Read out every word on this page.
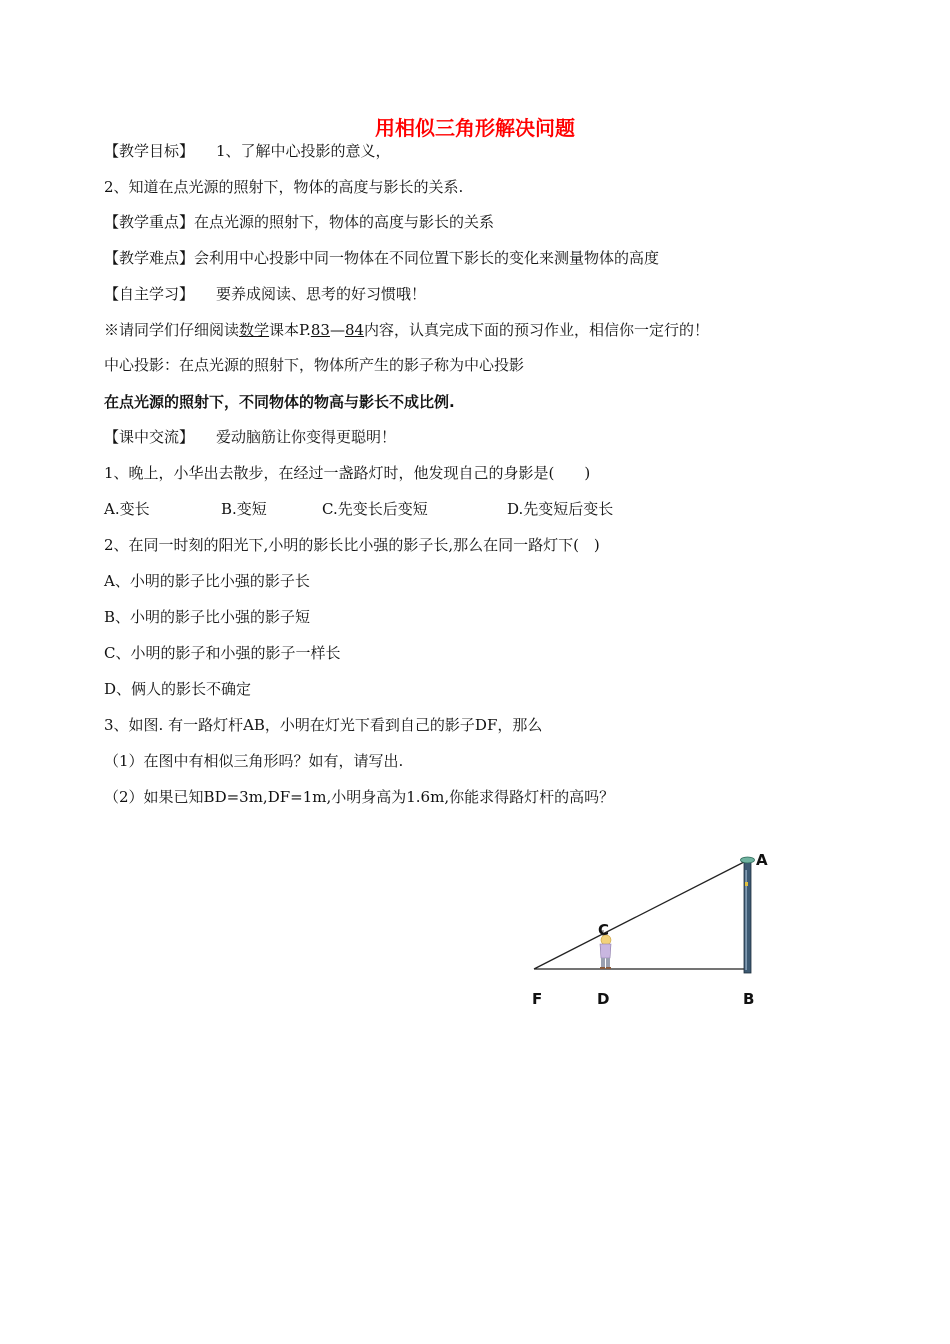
用相似三角形解决问题
【教学目标】 1、了解中心投影的意义，
2、知道在点光源的照射下，物体的高度与影长的关系.
【教学重点】在点光源的照射下，物体的高度与影长的关系
【教学难点】会利用中心投影中同一物体在不同位置下影长的变化来测量物体的高度
【自主学习】 要养成阅读、思考的好习惯哦！
※请同学们仔细阅读数学课本P.83—84内容，认真完成下面的预习作业，相信你一定行的！
中心投影：在点光源的照射下，物体所产生的影子称为中心投影
在点光源的照射下，不同物体的物高与影长不成比例.
【课中交流】 爱动脑筋让你变得更聪明！
1、晚上，小华出去散步，在经过一盏路灯时，他发现自己的身影是(　　)
A.变长	B.变短	C.先变长后变短	D.先变短后变长
2、在同一时刻的阳光下,小明的影长比小强的影子长,那么在同一路灯下(　)
A、小明的影子比小强的影子长
B、小明的影子比小强的影子短
C、小明的影子和小强的影子一样长
D、俩人的影长不确定
3、如图. 有一路灯杆AB，小明在灯光下看到自己的影子DF，那么
（1）在图中有相似三角形吗？如有，请写出.
（2）如果已知BD=3m,DF=1m,小明身高为1.6m,你能求得路灯杆的高吗？
A
C
F	D	B
